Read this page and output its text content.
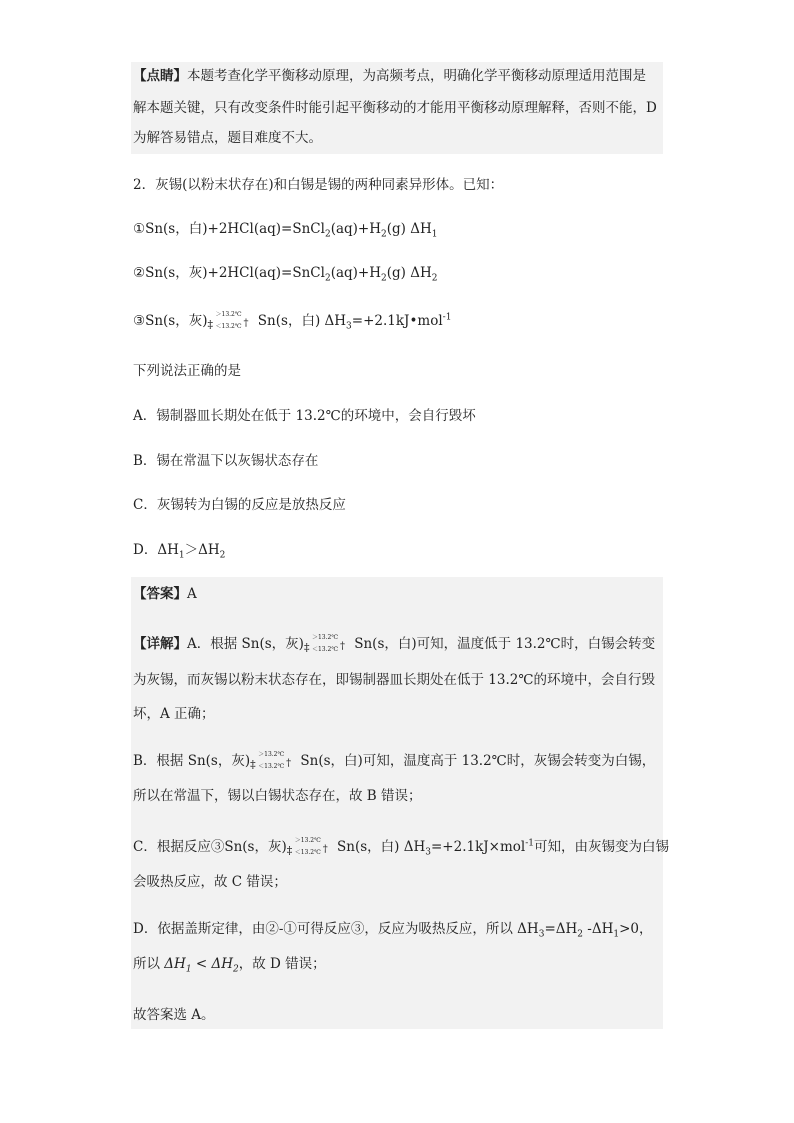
【点睛】本题考查化学平衡移动原理，为高频考点，明确化学平衡移动原理适用范围是
解本题关键，只有改变条件时能引起平衡移动的才能用平衡移动原理解释，否则不能，D
为解答易错点，题目难度不大。
2．灰锡(以粉末状存在)和白锡是锡的两种同素异形体。已知：
①Sn(s，白)$+2HCl(aq)=SnCl_2(aq)+H_2(g)$ $\Delta H_1$
②Sn(s，灰)$+2HCl(aq)=SnCl_2(aq)+H_2(g)$ $\Delta H_2$
③Sn(s，灰) ‡
＞13.2℃
＜13.2℃ † Sn(s，白) $\Delta H_3=+2.1kJ•mol^{-1}$
下列说法正确的是
A．锡制器皿长期处在低于 13.2℃的环境中，会自行毁坏
B．锡在常温下以灰锡状态存在
C．灰锡转为白锡的反应是放热反应
D．$\Delta H_1>\Delta H_2$
【答案】A
【详解】A．根据 Sn(s，灰) ‡
＞13.2℃
＜13.2℃ † Sn(s，白)可知，温度低于 13.2℃时，白锡会转变
为灰锡，而灰锡以粉末状态存在，即锡制器皿长期处在低于 13.2℃的环境中，会自行毁
坏，A 正确；
B．根据 Sn(s，灰) ‡
＞13.2℃
＜13.2℃ † Sn(s，白)可知，温度高于 13.2℃时，灰锡会转变为白锡，
所以在常温下，锡以白锡状态存在，故 B 错误；
C．根据反应③Sn(s，灰) ‡
＞13.2℃
＜13.2℃ † Sn(s，白) $\Delta H_3=+2.1kJ\times mol^{-1}$可知，由灰锡变为白锡
会吸热反应，故 C 错误；
D．依据盖斯定律，由②-①可得反应③，反应为吸热反应，所以 $\Delta H_3=\Delta H_2$ $-\Delta H_1>0$，
所以 $\Delta H_1 < \Delta H_2$，故 D 错误；
故答案选 A。
